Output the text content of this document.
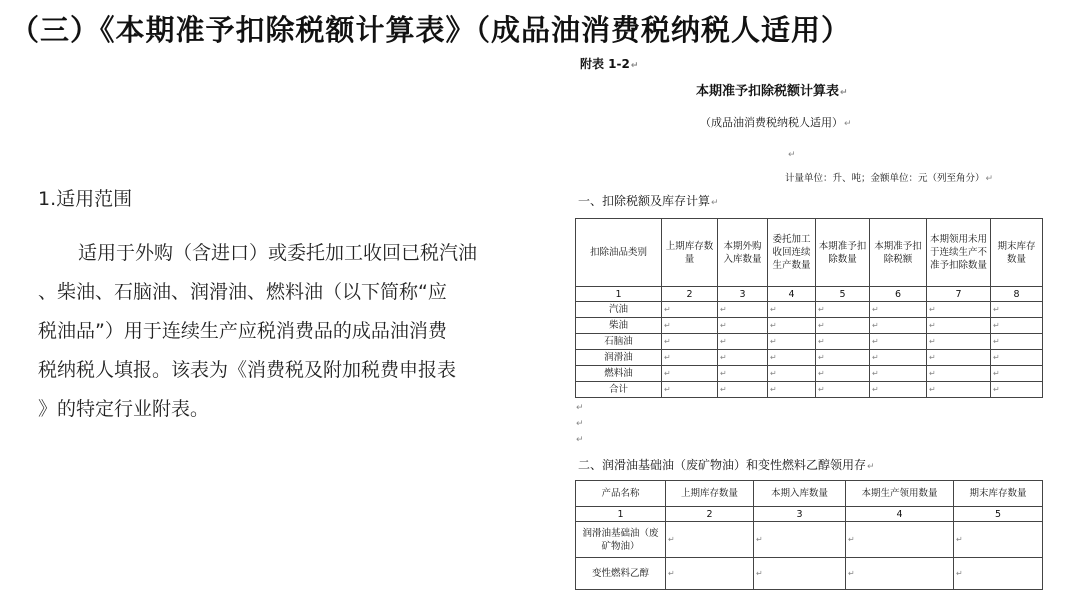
（三）《本期准予扣除税额计算表》（成品油消费税纳税人适用）
1.适用范围
适用于外购（含进口）或委托加工收回已税汽油
、柴油、石脑油、润滑油、燃料油（以下简称“应
税油品”）用于连续生产应税消费品的成品油消费
税纳税人填报。该表为《消费税及附加税费申报表
》的特定行业附表。
附表 1-2↵
本期准予扣除税额计算表↵
（成品油消费税纳税人适用）↵
↵
计量单位：升、吨；金额单位：元（列至角分）↵
一、扣除税额及库存计算↵
扣除油品类别	上期库存数量	本期外购入库数量	委托加工收回连续生产数量	本期准予扣除数量	本期准予扣除税额	本期领用未用于连续生产不准予扣除数量	期末库存数量
1	2	3	4	5	6	7	8
汽油	↵	↵	↵	↵	↵	↵	↵
柴油	↵	↵	↵	↵	↵	↵	↵
石脑油	↵	↵	↵	↵	↵	↵	↵
润滑油	↵	↵	↵	↵	↵	↵	↵
燃料油	↵	↵	↵	↵	↵	↵	↵
合计	↵	↵	↵	↵	↵	↵	↵
↵
↵
↵
二、润滑油基础油（废矿物油）和变性燃料乙醇领用存↵
产品名称	上期库存数量	本期入库数量	本期生产领用数量	期末库存数量
1	2	3	4	5
润滑油基础油（废矿物油）	↵	↵	↵	↵
变性燃料乙醇	↵	↵	↵	↵
